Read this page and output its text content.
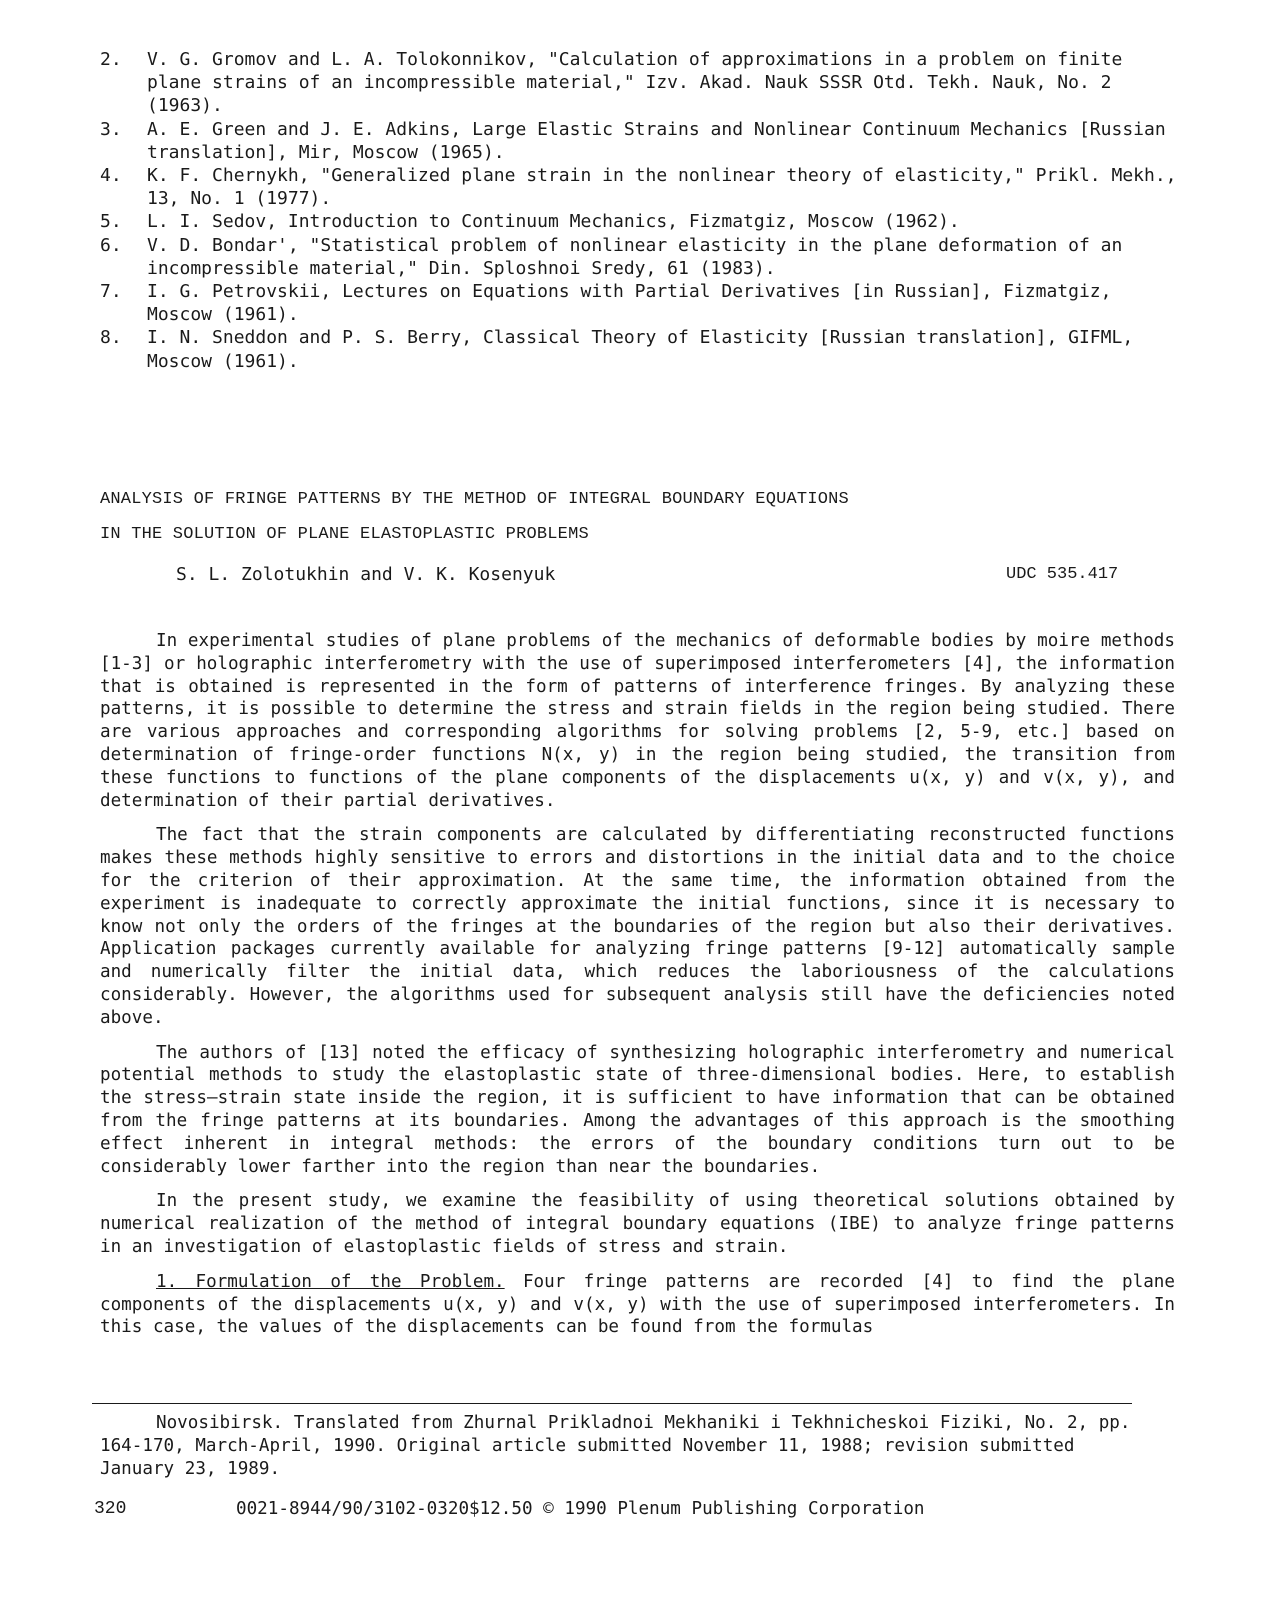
2. V. G. Gromov and L. A. Tolokonnikov, "Calculation of approximations in a problem on finite plane strains of an incompressible material," Izv. Akad. Nauk SSSR Otd. Tekh. Nauk, No. 2 (1963).
3. A. E. Green and J. E. Adkins, Large Elastic Strains and Nonlinear Continuum Mechanics [Russian translation], Mir, Moscow (1965).
4. K. F. Chernykh, "Generalized plane strain in the nonlinear theory of elasticity," Prikl. Mekh., 13, No. 1 (1977).
5. L. I. Sedov, Introduction to Continuum Mechanics, Fizmatgiz, Moscow (1962).
6. V. D. Bondar', "Statistical problem of nonlinear elasticity in the plane deformation of an incompressible material," Din. Sploshnoi Sredy, 61 (1983).
7. I. G. Petrovskii, Lectures on Equations with Partial Derivatives [in Russian], Fizmatgiz, Moscow (1961).
8. I. N. Sneddon and P. S. Berry, Classical Theory of Elasticity [Russian translation], GIFML, Moscow (1961).
ANALYSIS OF FRINGE PATTERNS BY THE METHOD OF INTEGRAL BOUNDARY EQUATIONS
IN THE SOLUTION OF PLANE ELASTOPLASTIC PROBLEMS
S. L. Zolotukhin and V. K. Kosenyuk	UDC 535.417

In experimental studies of plane problems of the mechanics of deformable bodies by moire methods [1-3] or holographic interferometry with the use of superimposed interferometers [4], the information that is obtained is represented in the form of patterns of interference fringes. By analyzing these patterns, it is possible to determine the stress and strain fields in the region being studied. There are various approaches and corresponding algorithms for solving problems [2, 5-9, etc.] based on determination of fringe-order functions N(x, y) in the region being studied, the transition from these functions to functions of the plane components of the displacements u(x, y) and v(x, y), and determination of their partial derivatives.

The fact that the strain components are calculated by differentiating reconstructed functions makes these methods highly sensitive to errors and distortions in the initial data and to the choice for the criterion of their approximation. At the same time, the information obtained from the experiment is inadequate to correctly approximate the initial functions, since it is necessary to know not only the orders of the fringes at the boundaries of the region but also their derivatives. Application packages currently available for analyzing fringe patterns [9-12] automatically sample and numerically filter the initial data, which reduces the laboriousness of the calculations considerably. However, the algorithms used for subsequent analysis still have the deficiencies noted above.

The authors of [13] noted the efficacy of synthesizing holographic interferometry and numerical potential methods to study the elastoplastic state of three-dimensional bodies. Here, to establish the stress—strain state inside the region, it is sufficient to have information that can be obtained from the fringe patterns at its boundaries. Among the advantages of this approach is the smoothing effect inherent in integral methods: the errors of the boundary conditions turn out to be considerably lower farther into the region than near the boundaries.

In the present study, we examine the feasibility of using theoretical solutions obtained by numerical realization of the method of integral boundary equations (IBE) to analyze fringe patterns in an investigation of elastoplastic fields of stress and strain.

1. Formulation of the Problem. Four fringe patterns are recorded [4] to find the plane components of the displacements u(x, y) and v(x, y) with the use of superimposed interferometers. In this case, the values of the displacements can be found from the formulas

Novosibirsk. Translated from Zhurnal Prikladnoi Mekhaniki i Tekhnicheskoi Fiziki, No. 2, pp. 164-170, March-April, 1990. Original article submitted November 11, 1988; revision submitted January 23, 1989.
320	0021-8944/90/3102-0320$12.50 © 1990 Plenum Publishing Corporation
